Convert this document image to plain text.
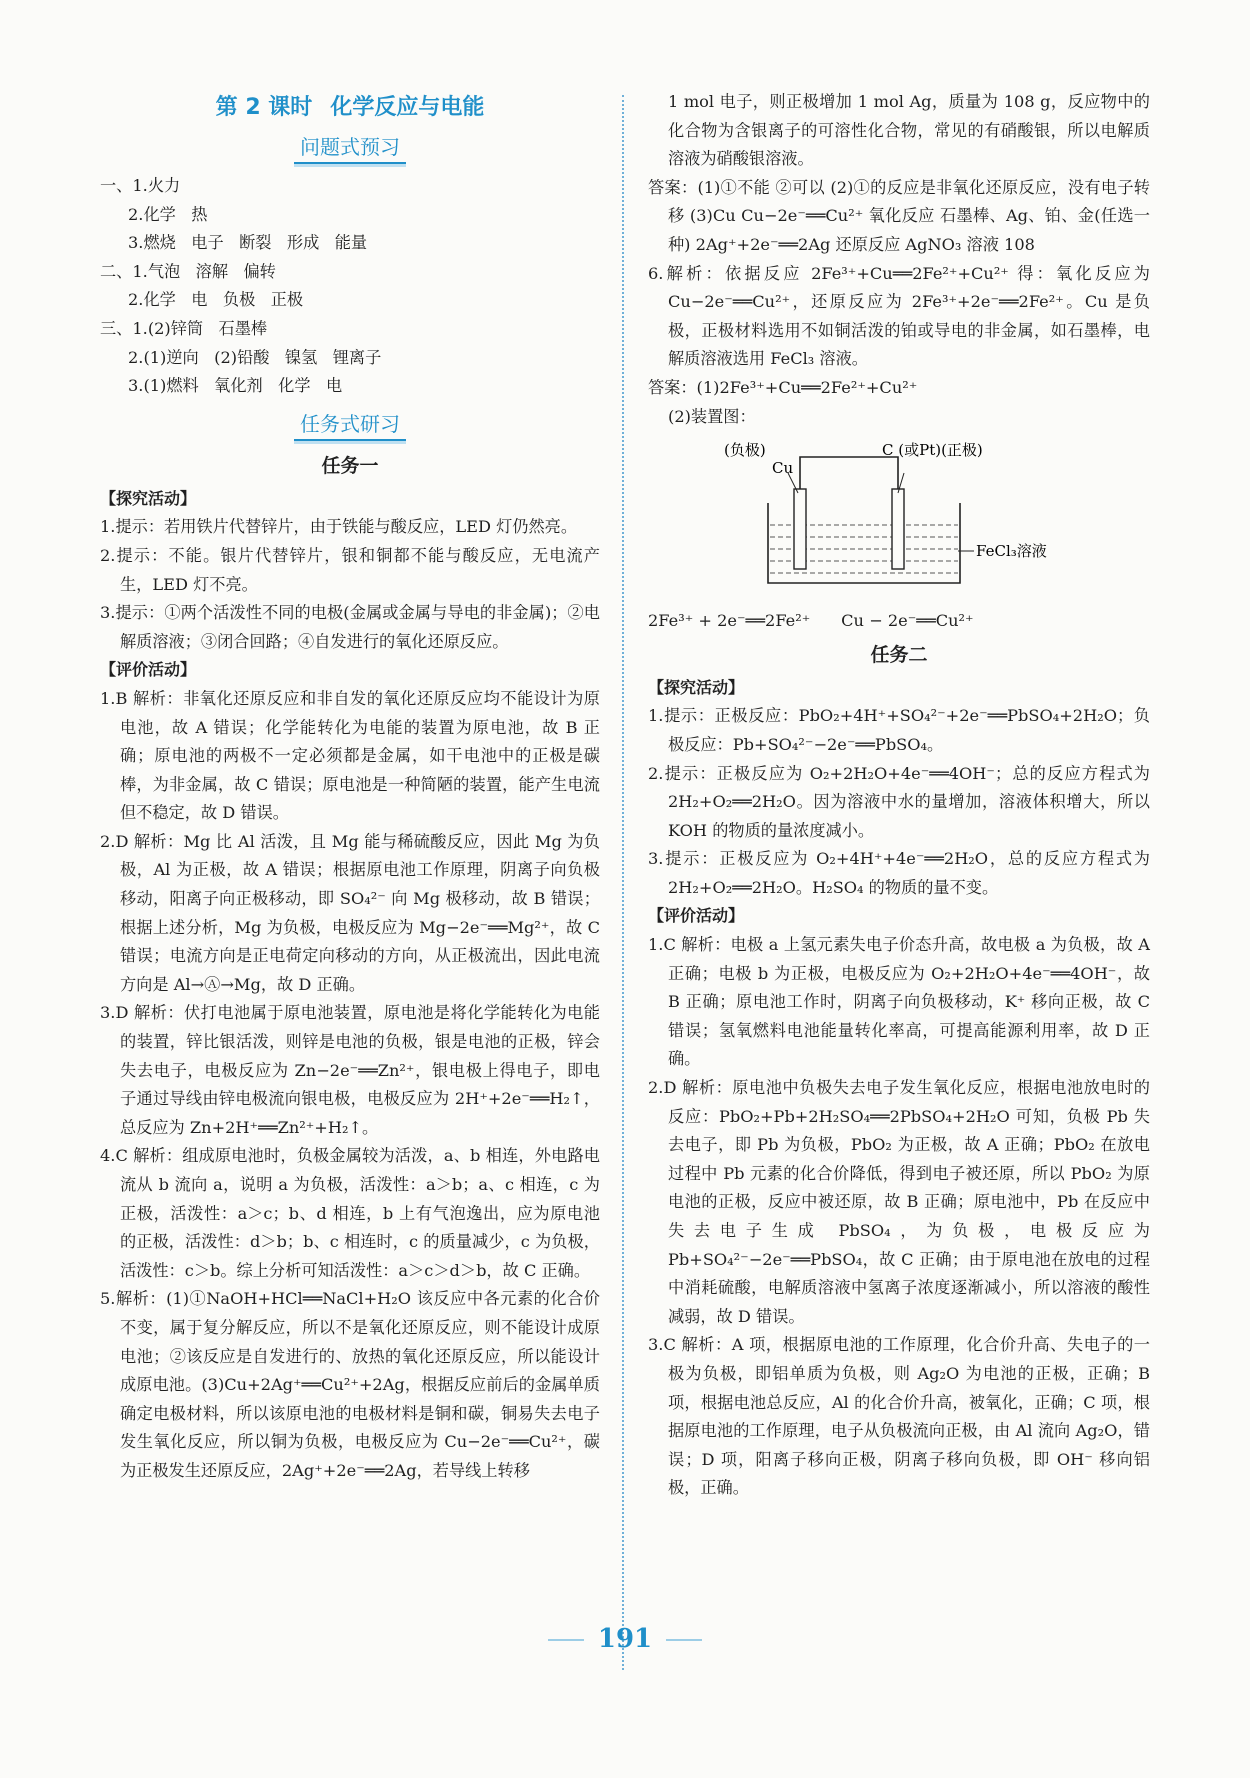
第 2 课时 化学反应与电能
问题式预习

一、1.火力

2.化学   热

3.燃烧   电子   断裂   形成   能量

二、1.气泡   溶解   偏转

2.化学   电   负极   正极

三、1.(2)锌筒   石墨棒

2.(1)逆向   (2)铅酸   镍氢   锂离子

3.(1)燃料   氧化剂   化学   电

任务式研习
任务一
【探究活动】

1.提示：若用铁片代替锌片，由于铁能与酸反应，LED 灯仍然亮。

2.提示：不能。银片代替锌片，银和铜都不能与酸反应，无电流产生，LED 灯不亮。

3.提示：①两个活泼性不同的电极(金属或金属与导电的非金属)；②电解质溶液；③闭合回路；④自发进行的氧化还原反应。

【评价活动】

1.B 解析：非氧化还原反应和非自发的氧化还原反应均不能设计为原电池，故 A 错误；化学能转化为电能的装置为原电池，故 B 正确；原电池的两极不一定必须都是金属，如干电池中的正极是碳棒，为非金属，故 C 错误；原电池是一种简陋的装置，能产生电流但不稳定，故 D 错误。

2.D 解析：Mg 比 Al 活泼，且 Mg 能与稀硫酸反应，因此 Mg 为负极，Al 为正极，故 A 错误；根据原电池工作原理，阴离子向负极移动，阳离子向正极移动，即 SO₄²⁻ 向 Mg 极移动，故 B 错误；根据上述分析，Mg 为负极，电极反应为 Mg−2e⁻══Mg²⁺，故 C 错误；电流方向是正电荷定向移动的方向，从正极流出，因此电流方向是 Al→Ⓐ→Mg，故 D 正确。

3.D 解析：伏打电池属于原电池装置，原电池是将化学能转化为电能的装置，锌比银活泼，则锌是电池的负极，银是电池的正极，锌会失去电子，电极反应为 Zn−2e⁻══Zn²⁺，银电极上得电子，即电子通过导线由锌电极流向银电极，电极反应为 2H⁺+2e⁻══H₂↑，总反应为 Zn+2H⁺══Zn²⁺+H₂↑。

4.C 解析：组成原电池时，负极金属较为活泼，a、b 相连，外电路电流从 b 流向 a，说明 a 为负极，活泼性：a＞b；a、c 相连，c 为正极，活泼性：a＞c；b、d 相连，b 上有气泡逸出，应为原电池的正极，活泼性：d＞b；b、c 相连时，c 的质量减少，c 为负极，活泼性：c＞b。综上分析可知活泼性：a＞c＞d＞b，故 C 正确。

5.解析：(1)①NaOH+HCl══NaCl+H₂O 该反应中各元素的化合价不变，属于复分解反应，所以不是氧化还原反应，则不能设计成原电池；②该反应是自发进行的、放热的氧化还原反应，所以能设计成原电池。(3)Cu+2Ag⁺══Cu²⁺+2Ag，根据反应前后的金属单质确定电极材料，所以该原电池的电极材料是铜和碳，铜易失去电子发生氧化反应，所以铜为负极，电极反应为 Cu−2e⁻══Cu²⁺，碳为正极发生还原反应，2Ag⁺+2e⁻══2Ag，若导线上转移

1 mol 电子，则正极增加 1 mol Ag，质量为 108 g，反应物中的化合物为含银离子的可溶性化合物，常见的有硝酸银，所以电解质溶液为硝酸银溶液。

答案：(1)①不能 ②可以 (2)①的反应是非氧化还原反应，没有电子转移 (3)Cu Cu−2e⁻══Cu²⁺ 氧化反应 石墨棒、Ag、铂、金(任选一种) 2Ag⁺+2e⁻══2Ag 还原反应 AgNO₃ 溶液 108

6.解析：依据反应 2Fe³⁺+Cu══2Fe²⁺+Cu²⁺ 得：氧化反应为 Cu−2e⁻══Cu²⁺，还原反应为 2Fe³⁺+2e⁻══2Fe²⁺。Cu 是负极，正极材料选用不如铜活泼的铂或导电的非金属，如石墨棒，电解质溶液选用 FeCl₃ 溶液。

答案：(1)2Fe³⁺+Cu══2Fe²⁺+Cu²⁺

(2)装置图：

(负极)
Cu
C (或Pt)(正极)
FeCl₃溶液

2Fe³⁺ + 2e⁻══2Fe²⁺      Cu − 2e⁻══Cu²⁺

任务二
【探究活动】

1.提示：正极反应：PbO₂+4H⁺+SO₄²⁻+2e⁻══PbSO₄+2H₂O；负极反应：Pb+SO₄²⁻−2e⁻══PbSO₄。

2.提示：正极反应为 O₂+2H₂O+4e⁻══4OH⁻；总的反应方程式为 2H₂+O₂══2H₂O。因为溶液中水的量增加，溶液体积增大，所以 KOH 的物质的量浓度减小。

3.提示：正极反应为 O₂+4H⁺+4e⁻══2H₂O，总的反应方程式为 2H₂+O₂══2H₂O。H₂SO₄ 的物质的量不变。

【评价活动】

1.C 解析：电极 a 上氢元素失电子价态升高，故电极 a 为负极，故 A 正确；电极 b 为正极，电极反应为 O₂+2H₂O+4e⁻══4OH⁻，故 B 正确；原电池工作时，阴离子向负极移动，K⁺ 移向正极，故 C 错误；氢氧燃料电池能量转化率高，可提高能源利用率，故 D 正确。

2.D 解析：原电池中负极失去电子发生氧化反应，根据电池放电时的反应：PbO₂+Pb+2H₂SO₄══2PbSO₄+2H₂O 可知，负极 Pb 失去电子，即 Pb 为负极，PbO₂ 为正极，故 A 正确；PbO₂ 在放电过程中 Pb 元素的化合价降低，得到电子被还原，所以 PbO₂ 为原电池的正极，反应中被还原，故 B 正确；原电池中，Pb 在反应中失去电子生成 PbSO₄，为负极，电极反应为 Pb+SO₄²⁻−2e⁻══PbSO₄，故 C 正确；由于原电池在放电的过程中消耗硫酸，电解质溶液中氢离子浓度逐渐减小，所以溶液的酸性减弱，故 D 错误。

3.C 解析：A 项，根据原电池的工作原理，化合价升高、失电子的一极为负极，即铝单质为负极，则 Ag₂O 为电池的正极，正确；B 项，根据电池总反应，Al 的化合价升高，被氧化，正确；C 项，根据原电池的工作原理，电子从负极流向正极，由 Al 流向 Ag₂O，错误；D 项，阳离子移向正极，阴离子移向负极，即 OH⁻ 移向铝极，正确。

191
